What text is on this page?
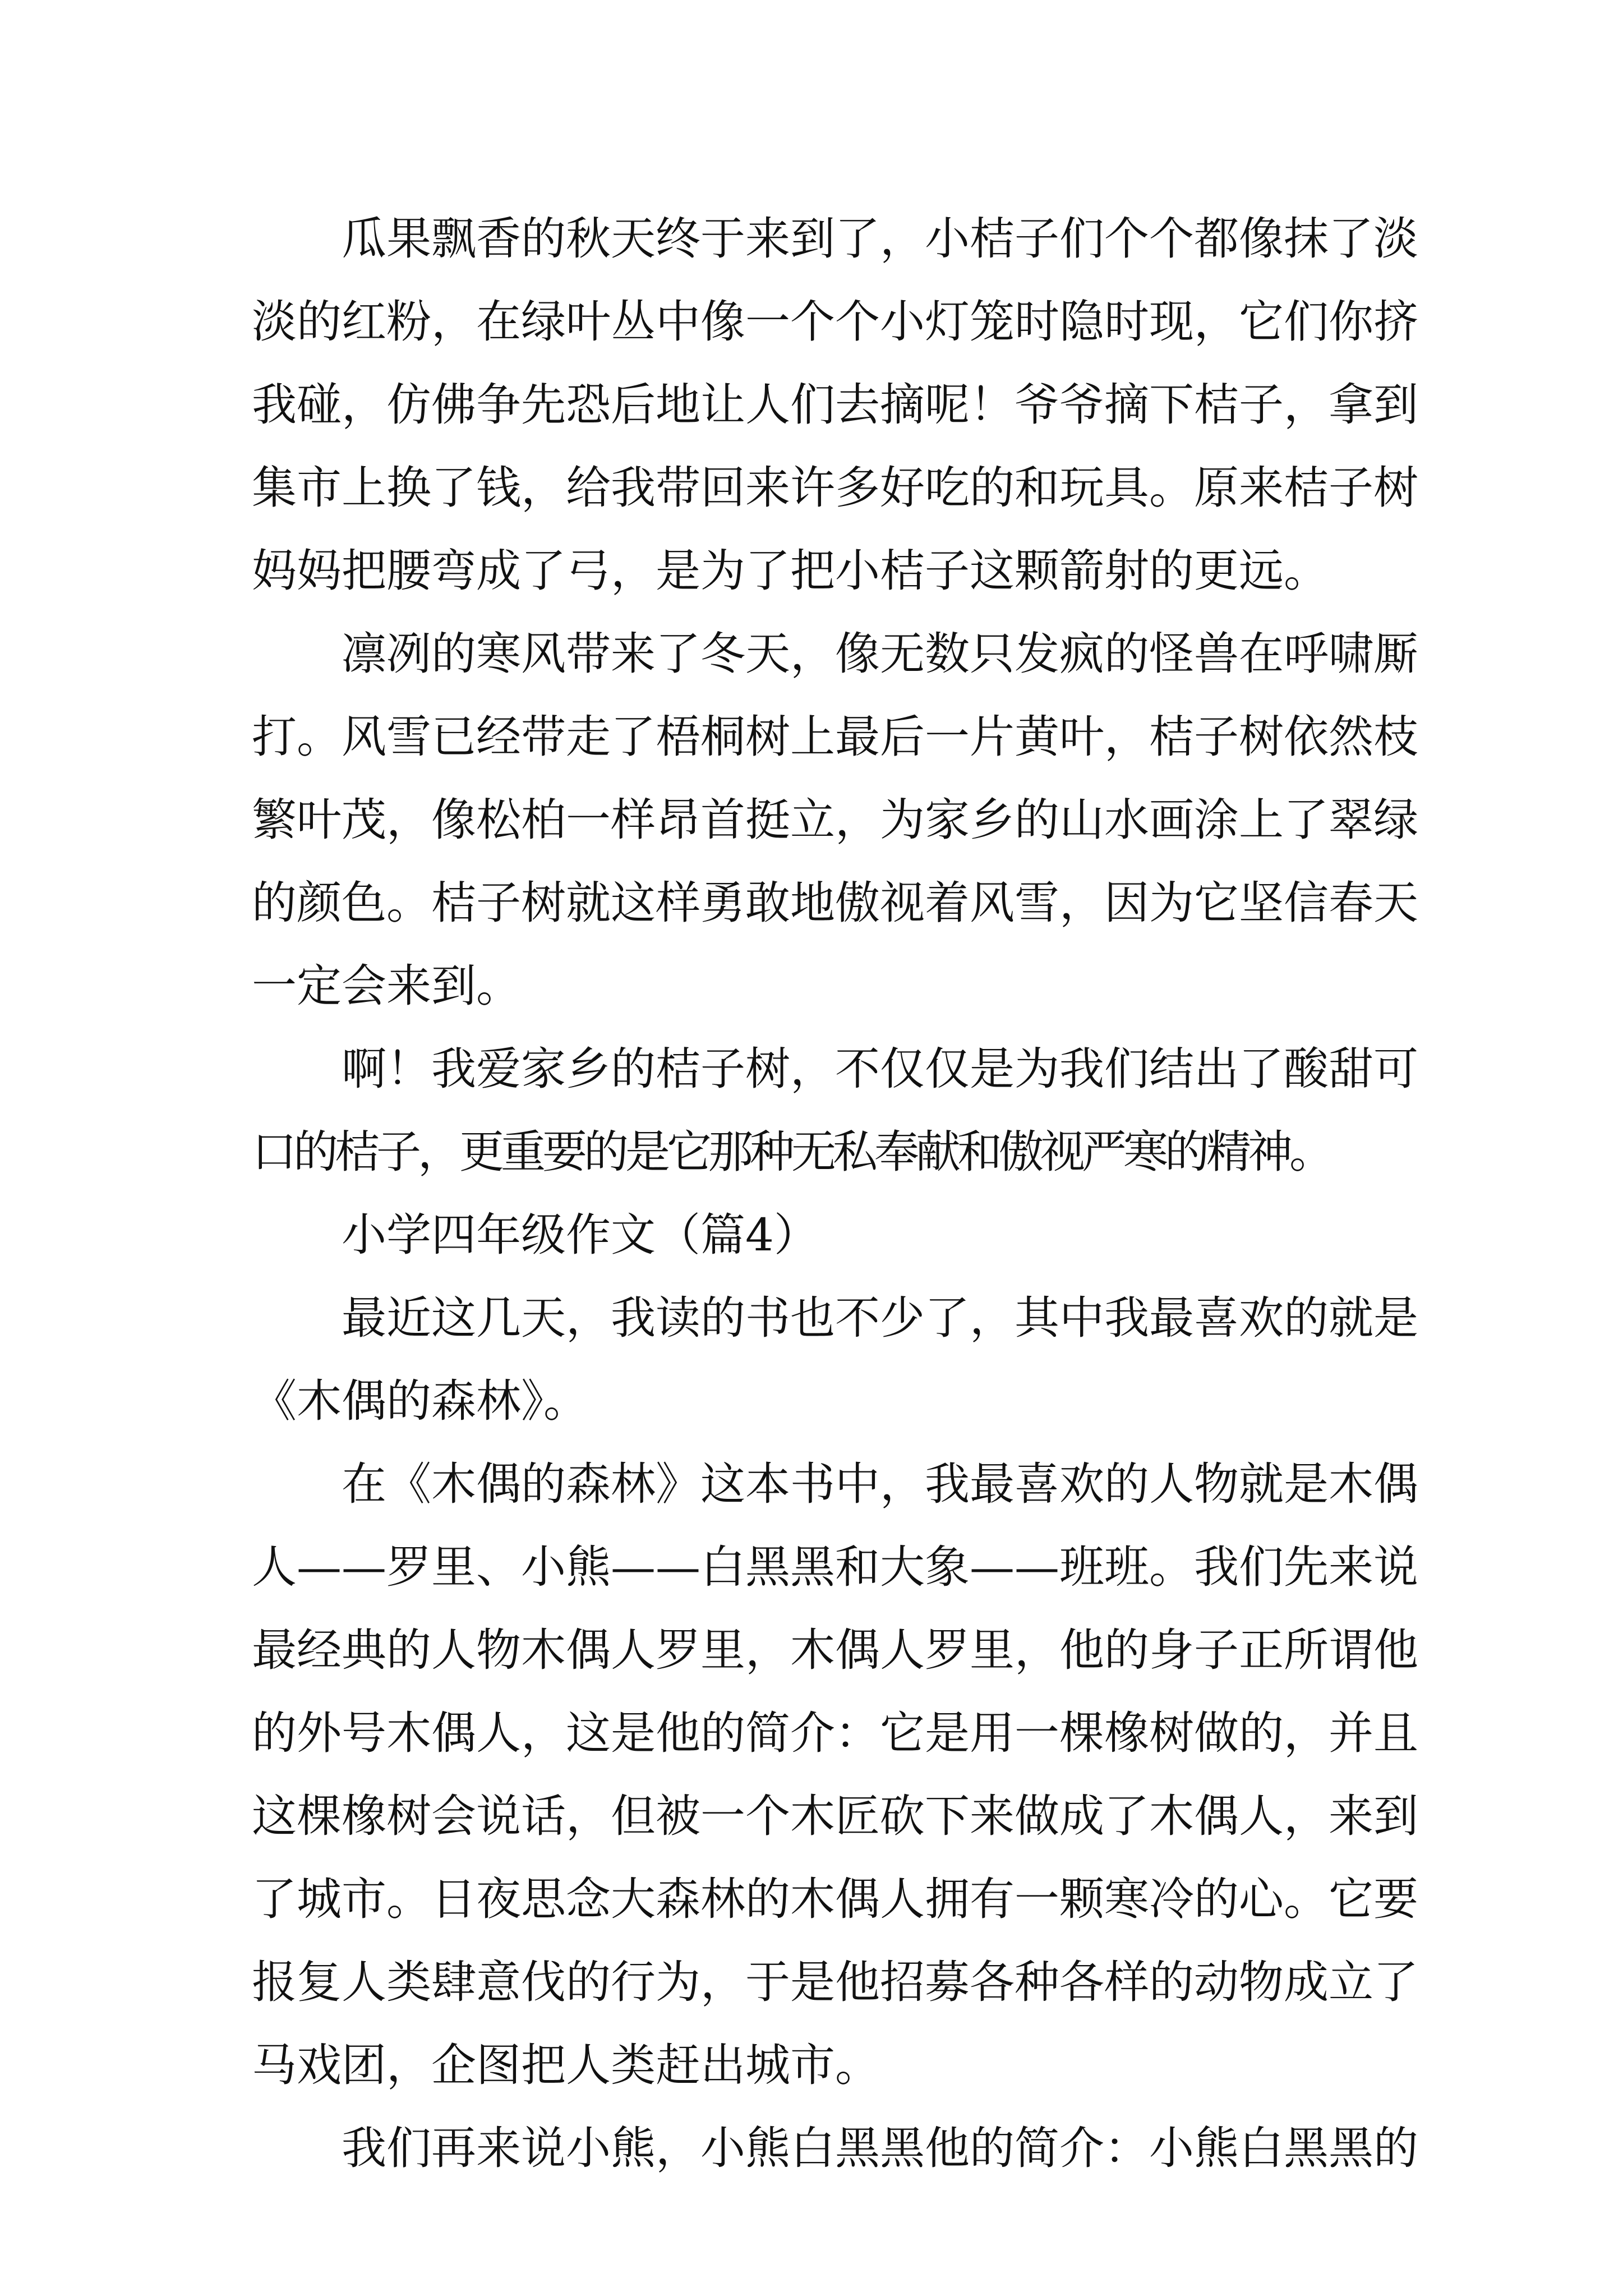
瓜果飘香的秋天终于来到了，小桔子们个个都像抹了淡
淡的红粉，在绿叶丛中像一个个小灯笼时隐时现，它们你挤
我碰，仿佛争先恐后地让人们去摘呢！爷爷摘下桔子，拿到
集市上换了钱，给我带回来许多好吃的和玩具。原来桔子树
妈妈把腰弯成了弓，是为了把小桔子这颗箭射的更远。
凛冽的寒风带来了冬天，像无数只发疯的怪兽在呼啸厮
打。风雪已经带走了梧桐树上最后一片黄叶，桔子树依然枝
繁叶茂，像松柏一样昂首挺立，为家乡的山水画涂上了翠绿
的颜色。桔子树就这样勇敢地傲视着风雪，因为它坚信春天
一定会来到。
啊！我爱家乡的桔子树，不仅仅是为我们结出了酸甜可
口的桔子，更重要的是它那种无私奉献和傲视严寒的精神。
小学四年级作文（篇4）
最近这几天，我读的书也不少了，其中我最喜欢的就是
《木偶的森林》。
在《木偶的森林》这本书中，我最喜欢的人物就是木偶
人——罗里、小熊——白黑黑和大象——班班。我们先来说
最经典的人物木偶人罗里，木偶人罗里，他的身子正所谓他
的外号木偶人，这是他的简介：它是用一棵橡树做的，并且
这棵橡树会说话，但被一个木匠砍下来做成了木偶人，来到
了城市。日夜思念大森林的木偶人拥有一颗寒冷的心。它要
报复人类肆意伐的行为，于是他招募各种各样的动物成立了
马戏团，企图把人类赶出城市。
我们再来说小熊，小熊白黑黑他的简介：小熊白黑黑的
